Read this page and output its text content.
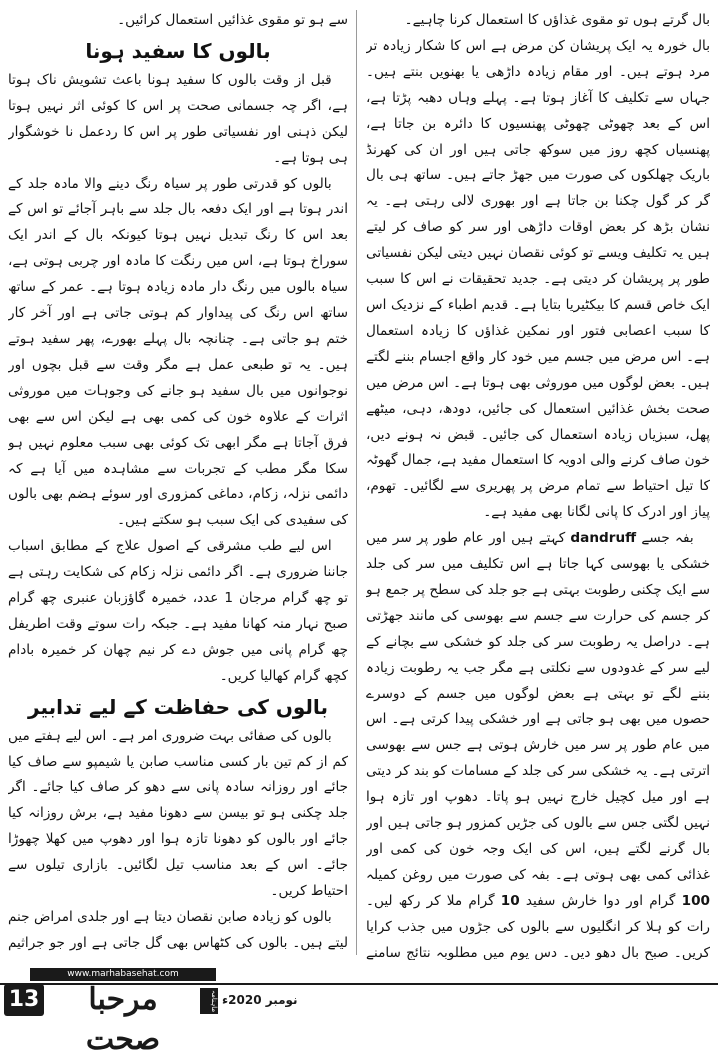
بال گرتے ہوں تو مقوی غذاؤں کا استعمال کرنا چاہیے۔

بال خورہ یہ ایک پریشان کن مرض ہے اس کا شکار زیادہ تر مرد ہوتے ہیں۔ اور مقام زیادہ داڑھی یا بھنویں بنتے ہیں۔ جہاں سے تکلیف کا آغاز ہوتا ہے۔ پہلے وہاں دھبہ پڑتا ہے، اس کے بعد چھوٹی چھوٹی پھنسیوں کا دائرہ بن جاتا ہے، پھنسیاں کچھ روز میں سوکھ جاتی ہیں اور ان کی کھرنڈ باریک چھلکوں کی صورت میں جھڑ جاتے ہیں۔ ساتھ ہی بال گر کر گول چکنا بن جاتا ہے اور بھوری لالی رہتی ہے۔ یہ نشان بڑھ کر بعض اوقات داڑھی اور سر کو صاف کر لیتے ہیں یہ تکلیف ویسے تو کوئی نقصان نہیں دیتی لیکن نفسیاتی طور پر پریشان کر دیتی ہے۔ جدید تحقیقات نے اس کا سبب ایک خاص قسم کا بیکٹیریا بتایا ہے۔ قدیم اطباء کے نزدیک اس کا سبب اعصابی فتور اور نمکین غذاؤں کا زیادہ استعمال ہے۔ اس مرض میں جسم میں خود کار واقع اجسام بننے لگتے ہیں۔ بعض لوگوں میں موروثی بھی ہوتا ہے۔ اس مرض میں صحت بخش غذائیں استعمال کی جائیں، دودھ، دہی، میٹھے پھل، سبزیاں زیادہ استعمال کی جائیں۔ قبض نہ ہونے دیں، خون صاف کرنے والی ادویہ کا استعمال مفید ہے، جمال گھوٹہ کا تیل احتیاط سے تمام مرض پر پھریری سے لگائیں۔ تھوم، پیاز اور ادرک کا پانی لگانا بھی مفید ہے۔

بفہ جسے dandruff کہتے ہیں اور عام طور پر سر میں خشکی یا بھوسی کہا جاتا ہے اس تکلیف میں سر کی جلد سے ایک چکنی رطوبت بہتی ہے جو جلد کی سطح پر جمع ہو کر جسم کی حرارت سے جسم سے بھوسی کی مانند جھڑتی ہے۔ دراصل یہ رطوبت سر کی جلد کو خشکی سے بچانے کے لیے سر کے غدودوں سے نکلتی ہے مگر جب یہ رطوبت زیادہ بننے لگے تو بہتی ہے بعض لوگوں میں جسم کے دوسرے حصوں میں بھی ہو جاتی ہے اور خشکی پیدا کرتی ہے۔ اس میں عام طور پر سر میں خارش ہوتی ہے جس سے بھوسی اترتی ہے۔ یہ خشکی سر کی جلد کے مسامات کو بند کر دیتی ہے اور میل کچیل خارج نہیں ہو پاتا۔ دھوپ اور تازہ ہوا نہیں لگتی جس سے بالوں کی جڑیں کمزور ہو جاتی ہیں اور بال گرنے لگتے ہیں، اس کی ایک وجہ خون کی کمی اور غذائی کمی بھی ہوتی ہے۔ بفہ کی صورت میں روغن کمیلہ 100 گرام اور دوا خارش سفید 10 گرام ملا کر رکھ لیں۔ رات کو ہلا کر انگلیوں سے بالوں کی جڑوں میں جذب کرایا کریں۔ صبح بال دھو دیں۔ دس یوم میں مطلوبہ نتائج سامنے

سے ہو تو مقوی غذائیں استعمال کرائیں۔

بالوں کا سفید ہونا

قبل از وقت بالوں کا سفید ہونا باعث تشویش ناک ہوتا ہے، اگر چہ جسمانی صحت پر اس کا کوئی اثر نہیں ہوتا لیکن ذہنی اور نفسیاتی طور پر اس کا ردعمل نا خوشگوار ہی ہوتا ہے۔

بالوں کو قدرتی طور پر سیاہ رنگ دینے والا مادہ جلد کے اندر ہوتا ہے اور ایک دفعہ بال جلد سے باہر آجائے تو اس کے بعد اس کا رنگ تبدیل نہیں ہوتا کیونکہ بال کے اندر ایک سوراخ ہوتا ہے، اس میں رنگت کا مادہ اور چربی ہوتی ہے، سیاہ بالوں میں رنگ دار مادہ زیادہ ہوتا ہے۔ عمر کے ساتھ ساتھ اس رنگ کی پیداوار کم ہوتی جاتی ہے اور آخر کار ختم ہو جاتی ہے۔ چنانچہ بال پہلے بھورے، پھر سفید ہوتے ہیں۔ یہ تو طبعی عمل ہے مگر وقت سے قبل بچوں اور نوجوانوں میں بال سفید ہو جانے کی وجوہات میں موروثی اثرات کے علاوہ خون کی کمی بھی ہے لیکن اس سے بھی فرق آجاتا ہے مگر ابھی تک کوئی بھی سبب معلوم نہیں ہو سکا مگر مطب کے تجربات سے مشاہدہ میں آیا ہے کہ دائمی نزلہ، زکام، دماغی کمزوری اور سوئے ہضم بھی بالوں کی سفیدی کی ایک سبب ہو سکتے ہیں۔

اس لیے طب مشرقی کے اصول علاج کے مطابق اسباب جاننا ضروری ہے۔ اگر دائمی نزلہ زکام کی شکایت رہتی ہے تو چھ گرام مرجان 1 عدد، خمیرہ گاؤزبان عنبری چھ گرام صبح نہار منہ کھانا مفید ہے۔ جبکہ رات سوتے وقت اطریفل چھ گرام پانی میں جوش دے کر نیم چھان کر خمیرہ بادام کچھ گرام کھالیا کریں۔

بالوں کی حفاظت کے لیے تدابیر

بالوں کی صفائی بہت ضروری امر ہے۔ اس لیے ہفتے میں کم از کم تین بار کسی مناسب صابن یا شیمپو سے صاف کیا جائے اور روزانہ سادہ پانی سے دھو کر صاف کیا جائے۔ اگر جلد چکنی ہو تو بیسن سے دھونا مفید ہے، برش روزانہ کیا جائے اور بالوں کو دھونا تازہ ہوا اور دھوپ میں کھلا چھوڑا جائے۔ اس کے بعد مناسب تیل لگائیں۔ بازاری تیلوں سے احتیاط کریں۔

بالوں کو زیادہ صابن نقصان دیتا ہے اور جلدی امراض جنم لیتے ہیں۔ بالوں کی کٹھاس بھی گل جاتی ہے اور جو جراثیم

www.marhabasehat.com
13	مرحبا صحت
ماہنامہ نومبر 2020ء
